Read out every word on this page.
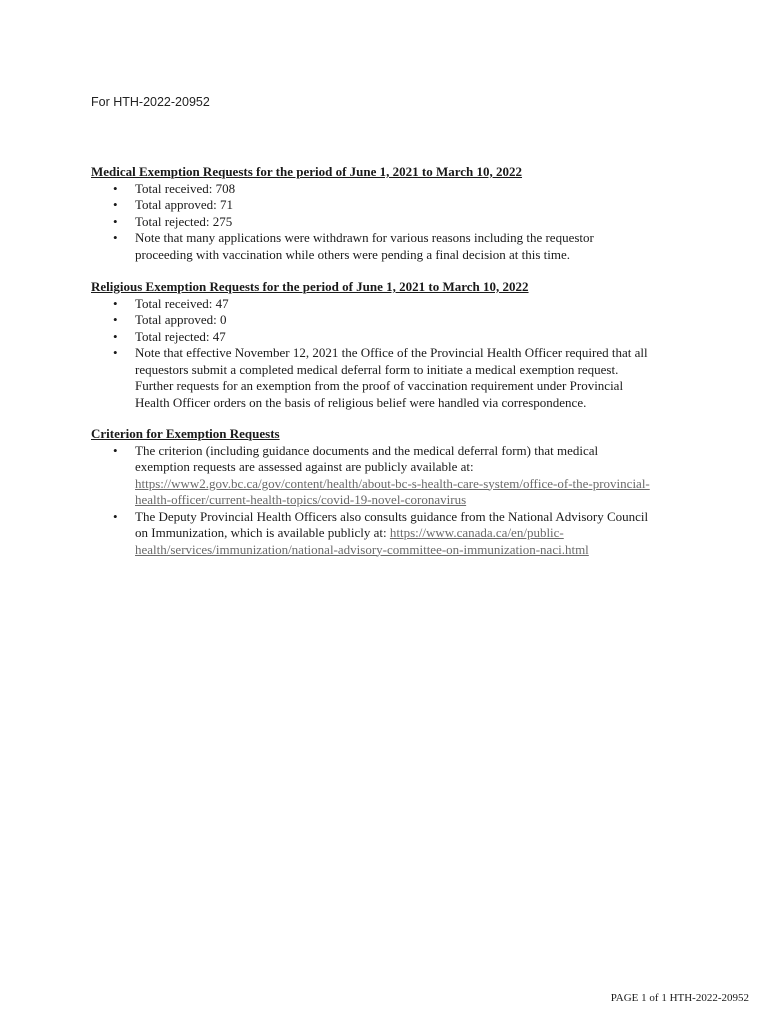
For HTH-2022-20952
Medical Exemption Requests for the period of June 1, 2021 to March 10, 2022
• Total received: 708
• Total approved: 71
• Total rejected: 275
• Note that many applications were withdrawn for various reasons including the requestor proceeding with vaccination while others were pending a final decision at this time.
Religious Exemption Requests for the period of June 1, 2021 to March 10, 2022
• Total received: 47
• Total approved: 0
• Total rejected: 47
• Note that effective November 12, 2021 the Office of the Provincial Health Officer required that all requestors submit a completed medical deferral form to initiate a medical exemption request. Further requests for an exemption from the proof of vaccination requirement under Provincial Health Officer orders on the basis of religious belief were handled via correspondence.
Criterion for Exemption Requests
• The criterion (including guidance documents and the medical deferral form) that medical exemption requests are assessed against are publicly available at: https://www2.gov.bc.ca/gov/content/health/about-bc-s-health-care-system/office-of-the-provincial-health-officer/current-health-topics/covid-19-novel-coronavirus
• The Deputy Provincial Health Officers also consults guidance from the National Advisory Council on Immunization, which is available publicly at: https://www.canada.ca/en/public-health/services/immunization/national-advisory-committee-on-immunization-naci.html
PAGE 1 of 1 HTH-2022-20952
